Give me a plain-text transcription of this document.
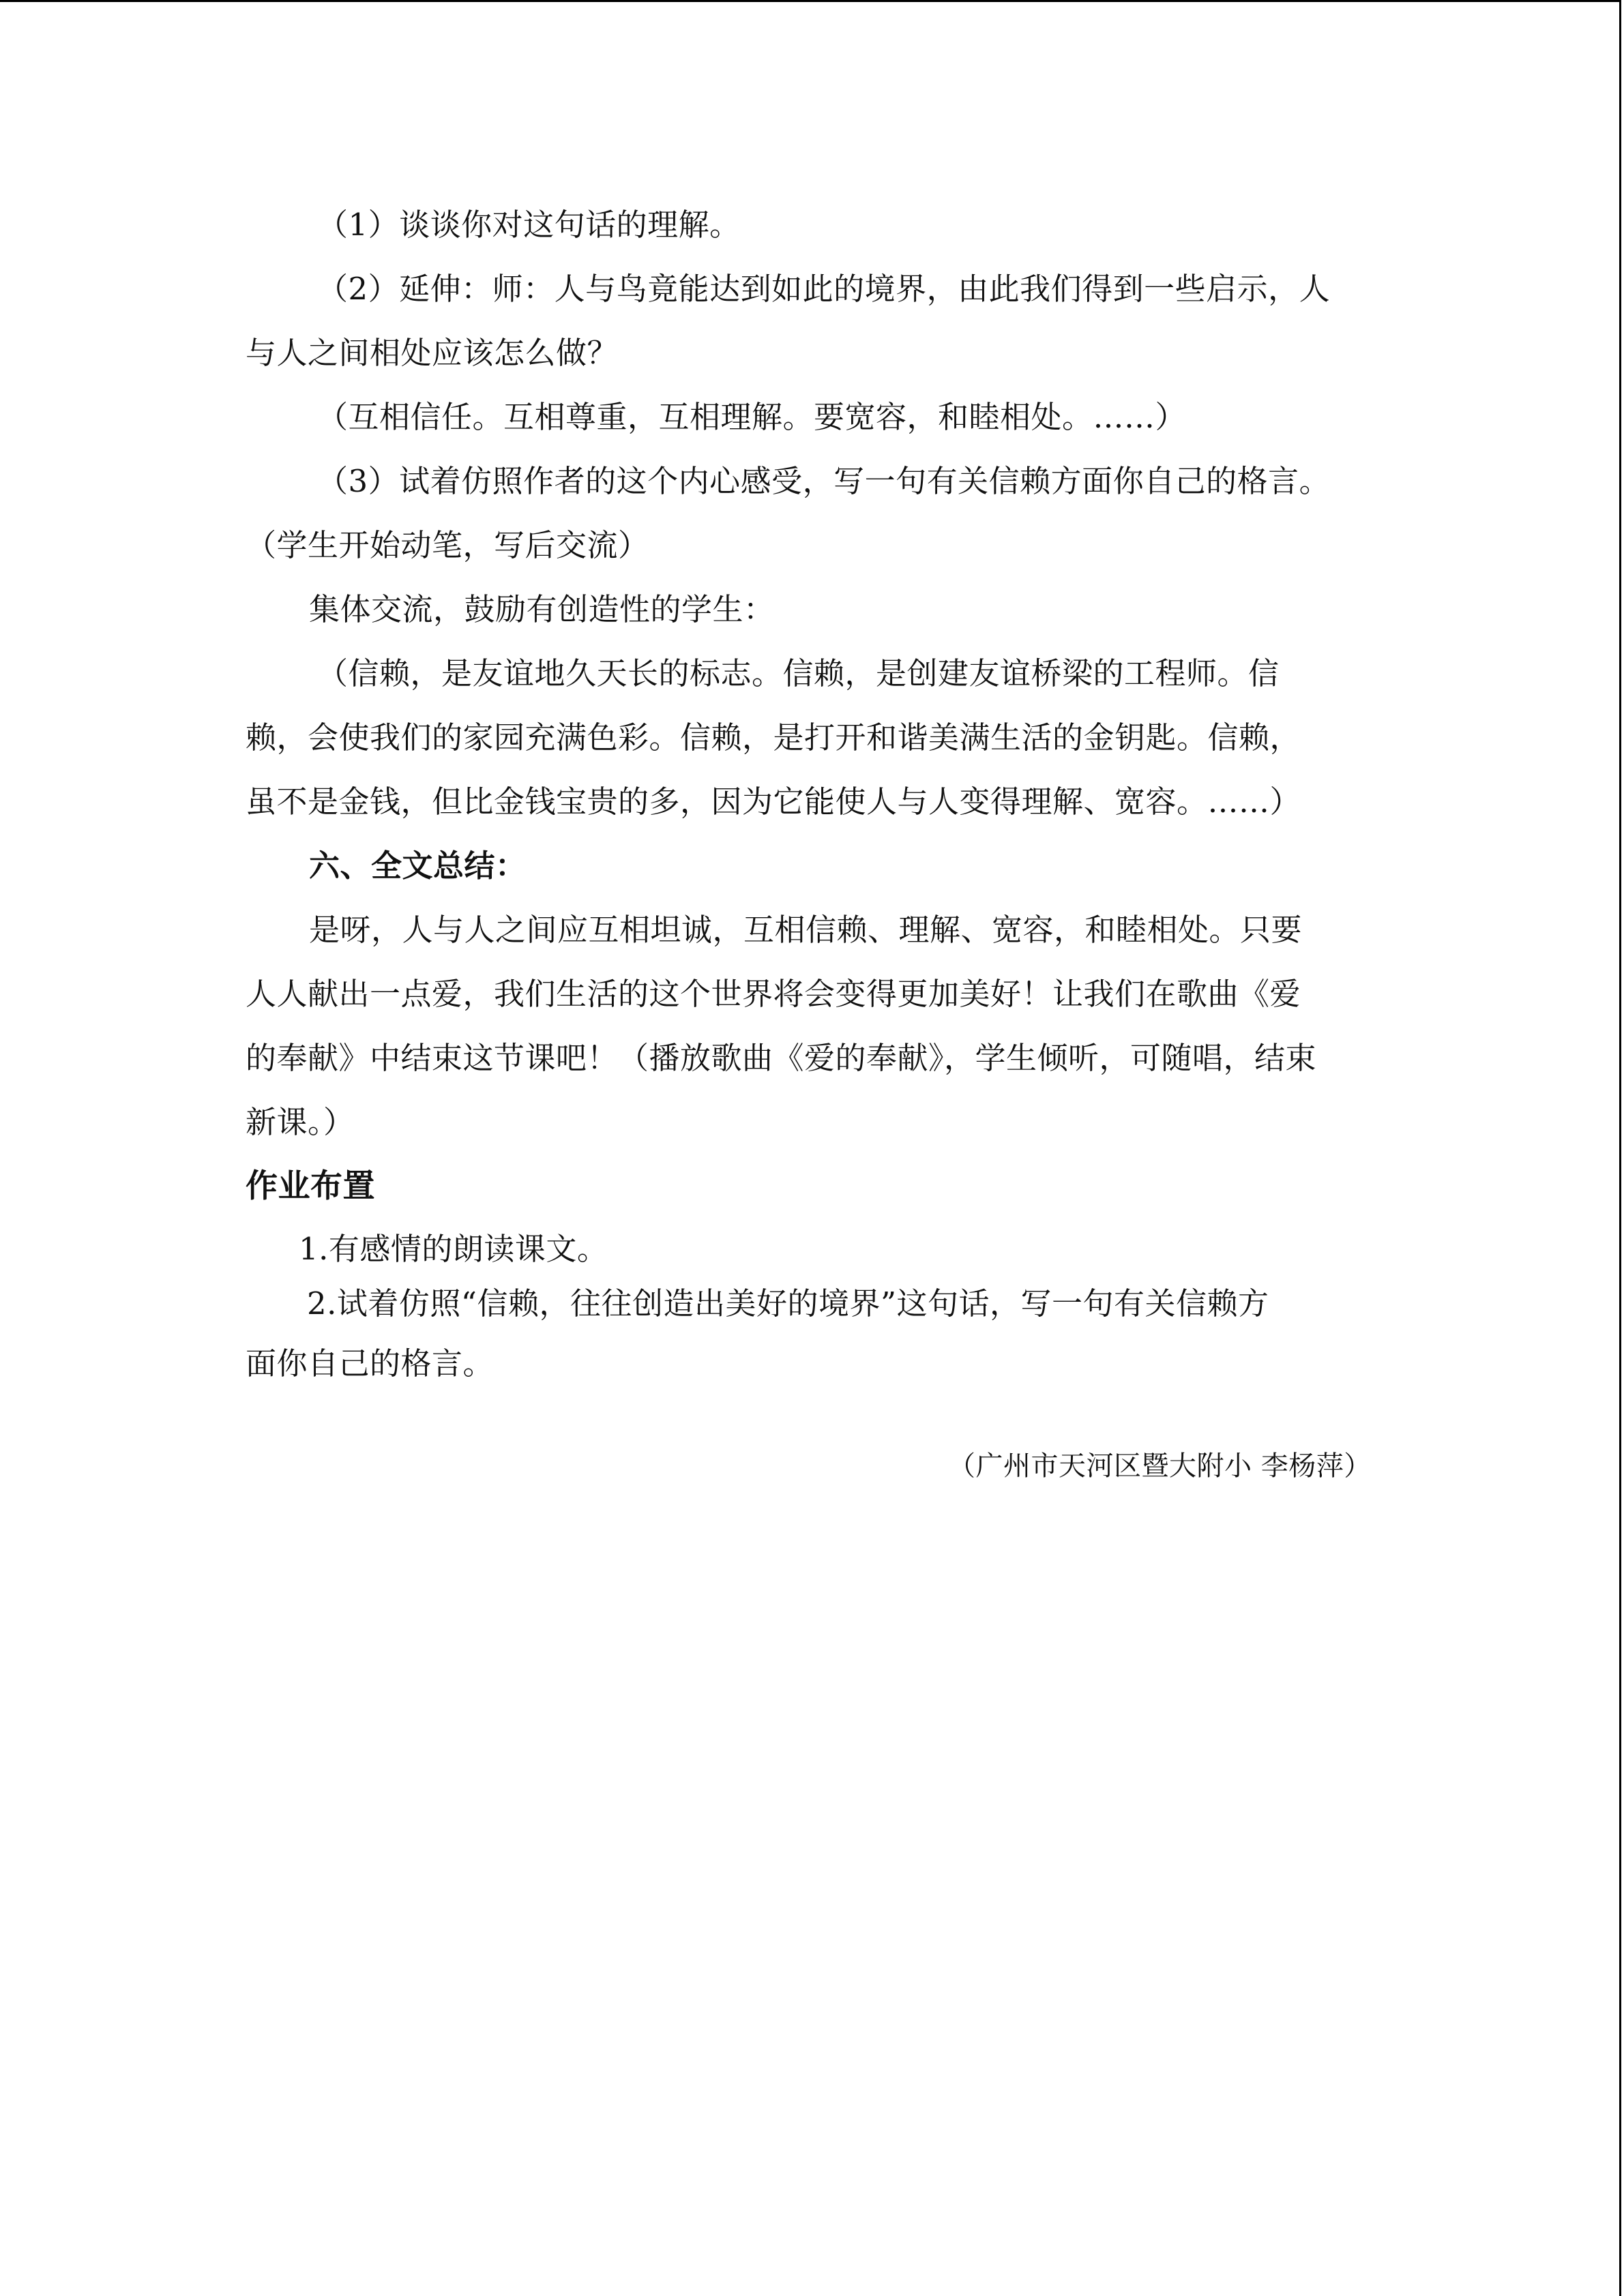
（1）谈谈你对这句话的理解。
（2）延伸：师：人与鸟竟能达到如此的境界，由此我们得到一些启示，人
与人之间相处应该怎么做？
（互相信任。互相尊重，互相理解。要宽容，和睦相处。……）
（3）试着仿照作者的这个内心感受，写一句有关信赖方面你自己的格言。
（学生开始动笔，写后交流）
集体交流，鼓励有创造性的学生：
（信赖，是友谊地久天长的标志。信赖，是创建友谊桥梁的工程师。信
赖，会使我们的家园充满色彩。信赖，是打开和谐美满生活的金钥匙。信赖，
虽不是金钱，但比金钱宝贵的多，因为它能使人与人变得理解、宽容。……）
六、全文总结：
是呀，人与人之间应互相坦诚，互相信赖、理解、宽容，和睦相处。只要
人人献出一点爱，我们生活的这个世界将会变得更加美好！让我们在歌曲《爱
的奉献》中结束这节课吧！（播放歌曲《爱的奉献》，学生倾听，可随唱，结束
新课。）
作业布置
1.有感情的朗读课文。
2.试着仿照“信赖，往往创造出美好的境界”这句话，写一句有关信赖方
面你自己的格言。
（广州市天河区暨大附小 李杨萍）
